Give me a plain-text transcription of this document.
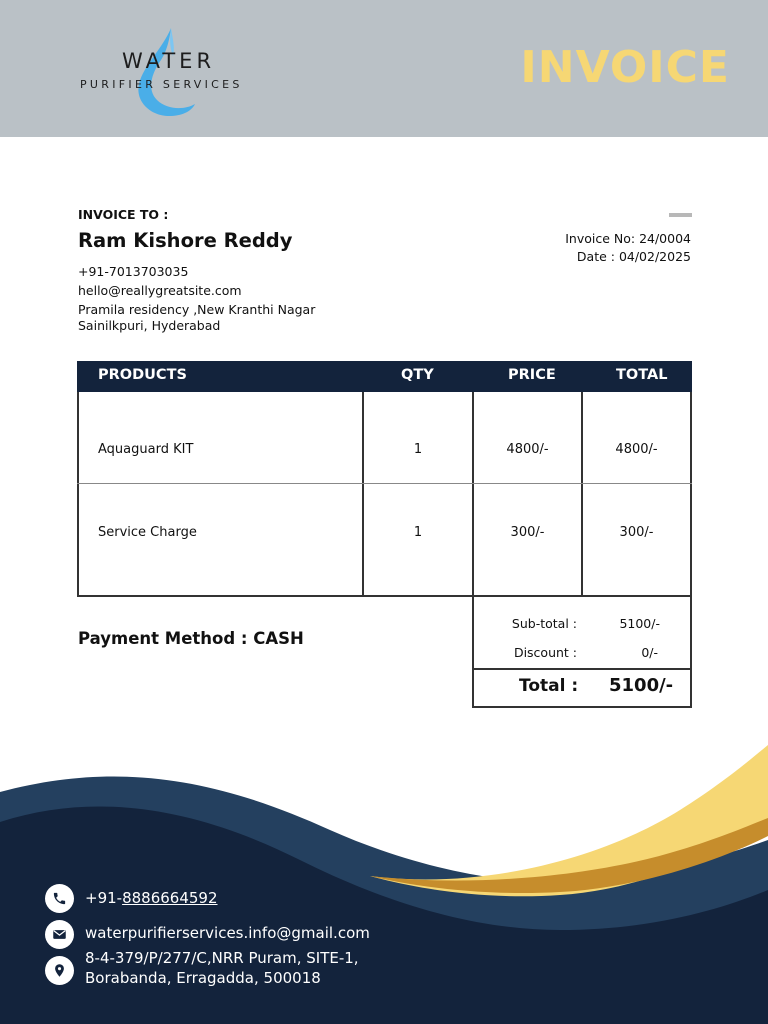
WATER
PURIFIER SERVICES	INVOICE
INVOICE TO :
Ram Kishore Reddy
+91-7013703035
hello@reallygreatsite.com
Pramila residency ,New Kranthi Nagar
Sainilkpuri, Hyderabad
Invoice No: 24/0004
Date : 04/02/2025
PRODUCTS	QTY	PRICE	TOTAL
Aquaguard KIT	1	4800/-	4800/-
Service Charge	1	300/-	300/-
Payment Method : CASH
Sub-total :	5100/-
Discount :	0/-
Total : 5100/-
+91-8886664592
waterpurifierservices.info@gmail.com
8-4-379/P/277/C,NRR Puram, SITE-1,
Borabanda, Erragadda, 500018
